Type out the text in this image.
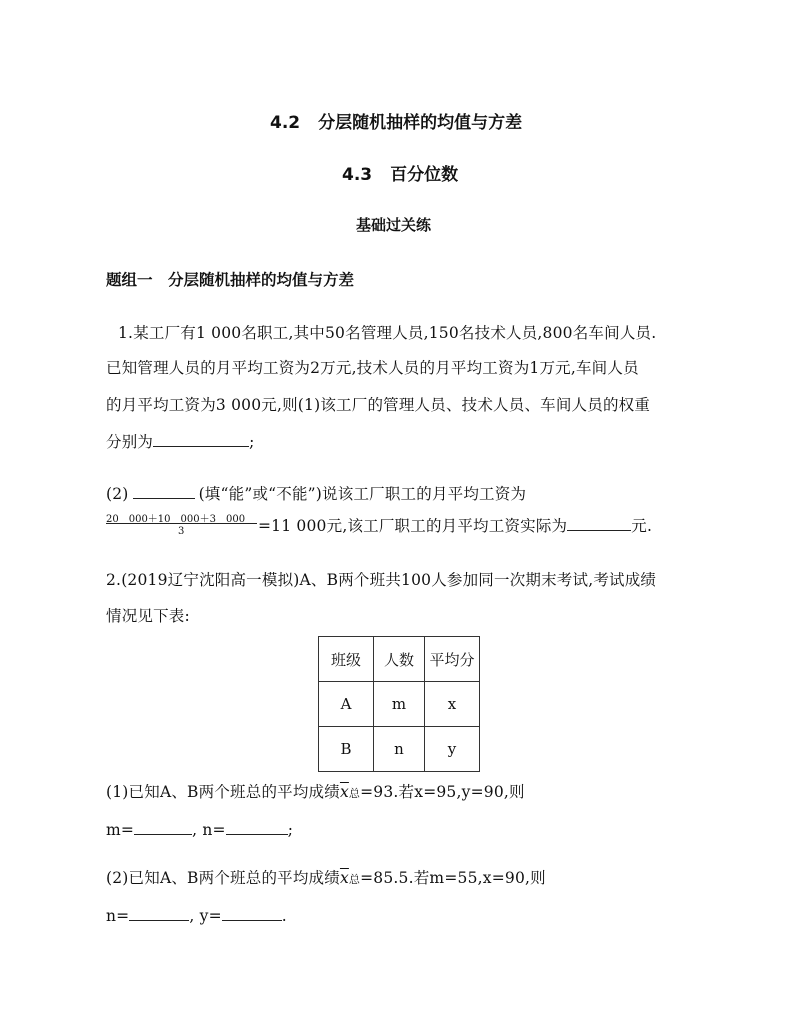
4.2 分层随机抽样的均值与方差
4.3 百分位数
基础过关练
题组一　分层随机抽样的均值与方差
1.某工厂有1 000名职工,其中50名管理人员,150名技术人员,800名车间人员.
已知管理人员的月平均工资为2万元,技术人员的月平均工资为1万元,车间人员
的月平均工资为3 000元,则(1)该工厂的管理人员、技术人员、车间人员的权重
分别为	;
(2)	(填“能”或“不能”)说该工厂职工的月平均工资为
20　000＋10　000＋3　000
3	=11 000元,该工厂职工的月平均工资实际为	元.
2.(2019辽宁沈阳高一模拟)A、B两个班共100人参加同一次期末考试,考试成绩
情况见下表:
班级	人数	平均分
A	m	x
B	n	y
(1)已知A、B两个班总的平均成绩$\overline{x}$总=93.若x=95,y=90,则
m=	, n=	;
(2)已知A、B两个班总的平均成绩$\overline{x}$总=85.5.若m=55,x=90,则
n=	, y=	.
